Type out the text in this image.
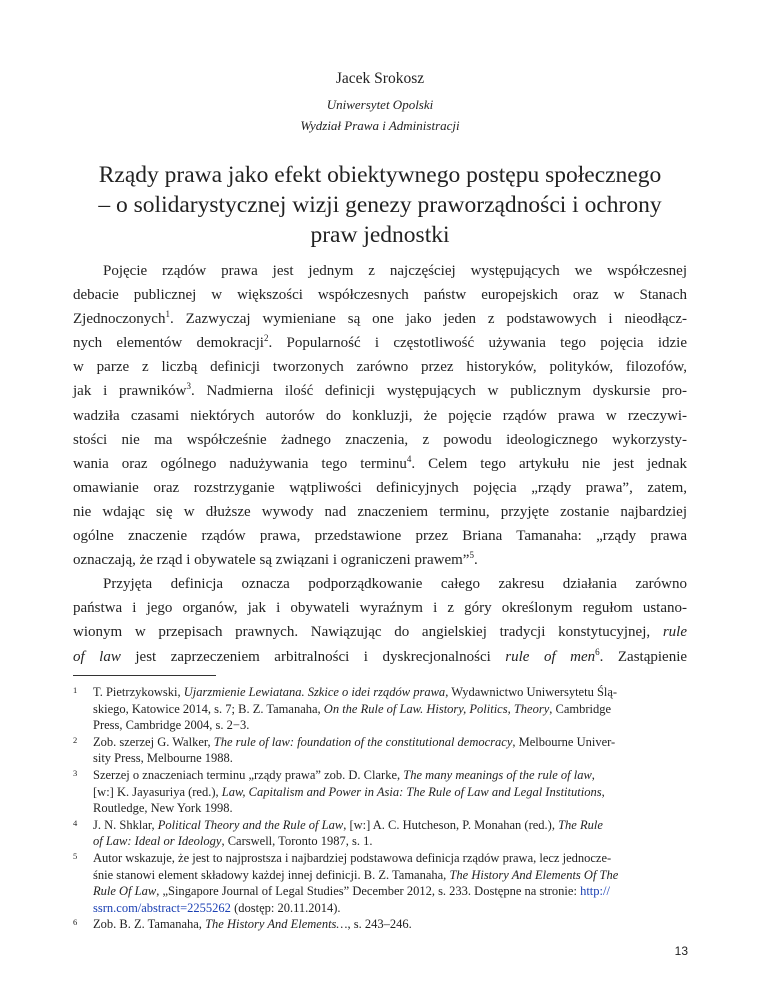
Jacek Srokosz
Uniwersytet Opolski
Wydział Prawa i Administracji
Rządy prawa jako efekt obiektywnego postępu społecznego
– o solidarystycznej wizji genezy praworządności i ochrony
praw jednostki
Pojęcie rządów prawa jest jednym z najczęściej występujących we współczesnej
debacie publicznej w większości współczesnych państw europejskich oraz w Stanach
Zjednoczonych$^1$. Zazwyczaj wymieniane są one jako jeden z podstawowych i nieodłącz-
nych elementów demokracji$^2$. Popularność i częstotliwość używania tego pojęcia idzie
w parze z liczbą definicji tworzonych zarówno przez historyków, polityków, filozofów,
jak i prawników$^3$. Nadmierna ilość definicji występujących w publicznym dyskursie pro-
wadziła czasami niektórych autorów do konkluzji, że pojęcie rządów prawa w rzeczywi-
stości nie ma współcześnie żadnego znaczenia, z powodu ideologicznego wykorzysty-
wania oraz ogólnego nadużywania tego terminu$^4$. Celem tego artykułu nie jest jednak
omawianie oraz rozstrzyganie wątpliwości definicyjnych pojęcia „rządy prawa”, zatem,
nie wdając się w dłuższe wywody nad znaczeniem terminu, przyjęte zostanie najbardziej
ogólne znaczenie rządów prawa, przedstawione przez Briana Tamanaha: „rządy prawa
oznaczają, że rząd i obywatele są związani i ograniczeni prawem”$^5$.
Przyjęta definicja oznacza podporządkowanie całego zakresu działania zarówno
państwa i jego organów, jak i obywateli wyraźnym i z góry określonym regułom ustano-
wionym w przepisach prawnych. Nawiązując do angielskiej tradycji konstytucyjnej, rule
of law jest zaprzeczeniem arbitralności i dyskrecjonalności rule of men$^6$. Zastąpienie
1 T. Pietrzykowski, Ujarzmienie Lewiatana. Szkice o idei rządów prawa, Wydawnictwo Uniwersytetu Ślą-
skiego, Katowice 2014, s. 7; B. Z. Tamanaha, On the Rule of Law. History, Politics, Theory, Cambridge
Press, Cambridge 2004, s. 2−3.
2 Zob. szerzej G. Walker, The rule of law: foundation of the constitutional democracy, Melbourne Univer-
sity Press, Melbourne 1988.
3 Szerzej o znaczeniach terminu „rządy prawa” zob. D. Clarke, The many meanings of the rule of law,
[w:] K. Jayasuriya (red.), Law, Capitalism and Power in Asia: The Rule of Law and Legal Institutions,
Routledge, New York 1998.
4 J. N. Shklar, Political Theory and the Rule of Law, [w:] A. C. Hutcheson, P. Monahan (red.), The Rule
of Law: Ideal or Ideology, Carswell, Toronto 1987, s. 1.
5 Autor wskazuje, że jest to najprostsza i najbardziej podstawowa definicja rządów prawa, lecz jednocze-
śnie stanowi element składowy każdej innej definicji. B. Z. Tamanaha, The History And Elements Of The
Rule Of Law, „Singapore Journal of Legal Studies” December 2012, s. 233. Dostępne na stronie: http://
ssrn.com/abstract=2255262 (dostęp: 20.11.2014).
6 Zob. B. Z. Tamanaha, The History And Elements…, s. 243–246.
13
